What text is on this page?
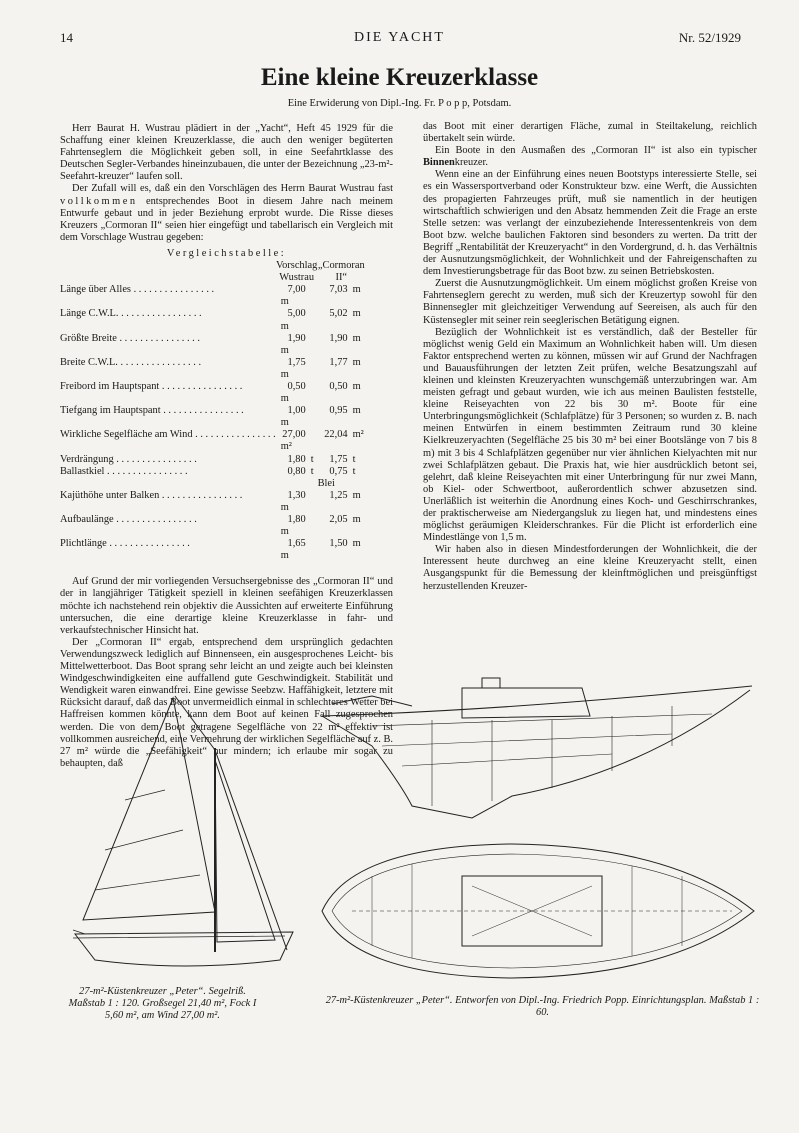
14	DIE YACHT	Nr. 52/1929
Eine kleine Kreuzerklasse
Eine Erwiderung von Dipl.-Ing. Fr. P o p p, Potsdam.

Herr Baurat H. Wustrau plädiert in der „Yacht“, Heft 45 1929 für die Schaffung einer kleinen Kreuzerklasse, die auch den weniger begüterten Fahrtenseglern die Möglichkeit geben soll, in eine Seefahrtklasse des Deutschen Segler-Verbandes hineinzubauen, die unter der Bezeichnung „23-m²-Seefahrt-kreuzer“ laufen soll.

Der Zufall will es, daß ein den Vorschlägen des Herrn Baurat Wustrau fast vollkommen entsprechendes Boot in diesem Jahre nach meinem Entwurfe gebaut und in jeder Beziehung erprobt wurde. Die Risse dieses Kreuzers „Cormoran II“ seien hier eingefügt und tabellarisch ein Vergleich mit dem Vorschlage Wustrau gegeben:

Vergleichstabelle:
	Vorschlag Wustrau	„Cormoran II“
Länge über Alles . . . . . . . . . . . . . . . .	7,00m	7,03 m
Länge C.W.L. . . . . . . . . . . . . . . . .	5,00m	5,02 m
Größte Breite . . . . . . . . . . . . . . . .	1,90m	1,90 m
Breite C.W.L. . . . . . . . . . . . . . . . .	1,75m	1,77 m
Freibord im Hauptspant . . . . . . . . . . . . . . . .	0,50m	0,50 m
Tiefgang im Hauptspant . . . . . . . . . . . . . . . .	1,00m	0,95 m
Wirkliche Segelfläche am Wind . . . . . . . . . . . . . . . .	27,00m²	22,04 m²
Verdrängung . . . . . . . . . . . . . . . .	1,80 t	1,75 t
Ballastkiel . . . . . . . . . . . . . . . .	0,80 t	0,75 t Blei
Kajüthöhe unter Balken . . . . . . . . . . . . . . . .	1,30m	1,25 m
Aufbaulänge . . . . . . . . . . . . . . . .	1,80m	2,05 m
Plichtlänge . . . . . . . . . . . . . . . .	1,65m	1,50 m

Auf Grund der mir vorliegenden Versuchsergebnisse des „Cormoran II“ und der in langjähriger Tätigkeit speziell in kleinen seefähigen Kreuzerklassen möchte ich nachstehend rein objektiv die Aussichten auf erweiterte Einführung untersuchen, die eine derartige kleine Kreuzerklasse in fahr- und verkaufstechnischer Hinsicht hat.

Der „Cormoran II“ ergab, entsprechend dem ursprünglich gedachten Verwendungszweck lediglich auf Binnenseen, ein ausgesprochenes Leicht- bis Mittelwetterboot. Das Boot sprang sehr leicht an und zeigte auch bei kleinsten Windgeschwindigkeiten eine auffallend gute Geschwindigkeit. Stabilität und Wendigkeit waren einwandfrei. Eine gewisse Seebzw. Haffähigkeit, letztere mit Rücksicht darauf, daß das Boot unvermeidlich einmal in schlechteres Wetter bei Haffreisen kommen könnte, kann dem Boot auf keinen Fall zugesprochen werden. Die von dem Boot getragene Segelfläche von 22 m² effektiv ist vollkommen ausreichend, eine Vermehrung der wirklichen Segelfläche auf z. B. 27 m² würde die „Seefähigkeit“ nur mindern; ich erlaube mir sogar zu behaupten, daß

das Boot mit einer derartigen Fläche, zumal in Steiltakelung, reichlich übertakelt sein würde.

Ein Boote in den Ausmaßen des „Cormoran II“ ist also ein typischer Binnenkreuzer.

Wenn eine an der Einführung eines neuen Bootstyps interessierte Stelle, sei es ein Wassersportverband oder Konstrukteur bzw. eine Werft, die Aussichten des propagierten Fahrzeuges prüft, muß sie namentlich in der heutigen wirtschaftlich schwierigen und den Absatz hemmenden Zeit die Frage an erste Stelle setzen: was verlangt der einzubeziehende Interessentenkreis von dem Boot bzw. welche baulichen Faktoren sind besonders zu werten. Da tritt der Begriff „Rentabilität der Kreuzeryacht“ in den Vordergrund, d. h. das Verhältnis der Ausnutzungsmöglichkeit, der Wohnlichkeit und der Fahreigenschaften zu dem Investierungsbetrage für das Boot bzw. zu seinen Betriebskosten.

Zuerst die Ausnutzungmöglichkeit. Um einem möglichst großen Kreise von Fahrtenseglern gerecht zu werden, muß sich der Kreuzertyp sowohl für den Binnensegler mit gleichzeitiger Verwendung auf Seereisen, als auch für den Küstensegler mit seiner rein seeglerischen Betätigung eignen.

Bezüglich der Wohnlichkeit ist es verständlich, daß der Besteller für möglichst wenig Geld ein Maximum an Wohnlichkeit haben will. Um diesen Faktor entsprechend werten zu können, müssen wir auf Grund der Nachfragen und Bauausführungen der letzten Zeit prüfen, welche Besatzungszahl auf kleinen und kleinsten Kreuzeryachten wunschgemäß unterzubringen war. Am meisten gefragt und gebaut wurden, wie ich aus meinen Baulisten feststelle, kleine Reiseyachten von 22 bis 30 m². Boote für eine Unterbringungsmöglichkeit (Schlafplätze) für 3 Personen; so wurden z. B. nach meinen Entwürfen in einem bestimmten Zeitraum rund 30 kleine Kielkreuzeryachten (Segelfläche 25 bis 30 m² bei einer Bootslänge von 7 bis 8 m) mit 3 bis 4 Schlafplätzen gegenüber nur vier ähnlichen Kielyachten mit nur zwei Schlafplätzen gebaut. Die Praxis hat, wie hier ausdrücklich betont sei, gelehrt, daß kleine Reiseyachten mit einer Unterbringung für nur zwei Mann, ob Kiel- oder Schwertboot, außerordentlich schwer abzusetzen sind. Unerläßlich ist weiterhin die Anordnung eines Koch- und Geschirrschrankes, der praktischerweise am Niedergangsluk zu liegen hat, und mindestens eines möglichst geräumigen Kleiderschrankes. Für die Plicht ist erforderlich eine Mindestlänge von 1,5 m.

Wir haben also in diesen Mindestforderungen der Wohnlichkeit, die der Interessent heute durchweg an eine kleine Kreuzeryacht stellt, einen Ausgangspunkt für die Bemessung der kleinftmöglichen und preisgünftigst herzustellenden Kreuzer-

27-m²-Küstenkreuzer „Peter“. Segelriß. Maßstab 1 : 120. Großsegel 21,40 m², Fock I 5,60 m², am Wind 27,00 m².
27-m²-Küstenkreuzer „Peter“. Entworfen von Dipl.-Ing. Friedrich Popp. Einrichtungsplan. Maßstab 1 : 60.
